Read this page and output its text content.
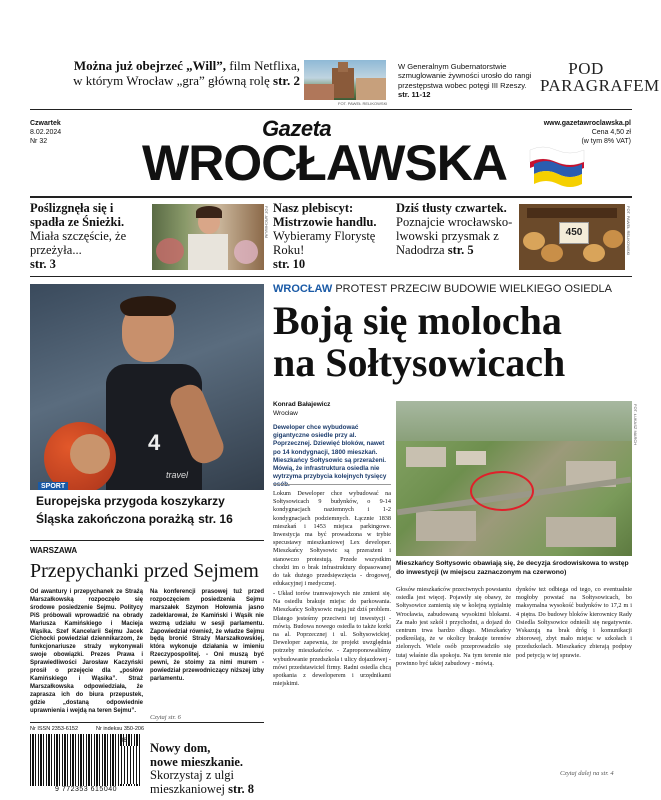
Można już obejrzeć „Will”, film Netflixa,
w którym Wrocław „gra” główną rolę str. 2
FOT. PAWEŁ RELIKOWSKI
W Generalnym Gubernatorstwie szmuglowanie żywności urosło do rangi przestępstwa wobec potęgi III Rzeszy. str. 11-12
POD
PARAGRAFEM
Czwartek
8.02.2024
Nr 32
Gazeta
WROCŁAWSKA
www.gazetawroclawska.pl
Cena 4,50 zł
(w tym 8% VAT)
Poślizgnęła się i spadła ze Śnieżki.
Miała szczęście, że przeżyła...
str. 3
FOT. ARCHIWUM Nasz plebiscyt: Mistrzowie handlu.
Wybieramy Florystę Roku!
str. 10
Dziś tłusty czwartek. Poznajcie wrocławsko-lwowski przysmak z Nadodrza str. 5
450	FOT. PAWEŁ RELIKOWSKI
4
travel
SPORT
Europejska przygoda koszykarzy Śląska zakończona porażką str. 16
WROCŁAW PROTEST PRZECIW BUDOWIE WIELKIEGO OSIEDLA
Boją się molocha
na Sołtysowicach
Konrad Bałajewicz
Wrocław
Deweloper chce wybudować gigantyczne osiedle przy al. Poprzecznej. Dziewięć bloków, nawet po 14 kondygnacji, 1800 mieszkań. Mieszkańcy Sołtysowic są przerażeni. Mówią, że infrastruktura osiedla nie wytrzyma przybycia kolejnych tysięcy
FOT. ŁUKASZ MARCH
Mieszkańcy Sołtysowic obawiają się, że decyzja środowiskowa to wstęp do inwestycji (w miejscu zaznaczonym na czerwono)
Lokum Deweloper chce wybudować na Sołtysowicach 9 budynków, o 9-14 kondygnacjach naziemnych i 1-2 kondygnacjach podziemnych. Łącznie 1838 mieszkań i 1453 miejsca parkingowe. Inwestycja ma być prowadzona w trybie specustawy mieszkaniowej Lex developer. Mieszkańcy Sołtysowic są przerażeni i stanowczo protestują. Przede wszystkim chodzi im o brak infrastruktury dopasowanej do tak dużego przedsięwzięcia - drogowej, edukacyjnej i medycznej.
- Układ torów tramwajowych nie zmieni się. Na osiedlu brakuje miejsc do parkowania. Mieszkańcy Sołtysowic mają już dziś problem. Dlatego jesteśmy przeciwni tej inwestycji - mówią. Budowa nowego osiedla to także korki na al. Poprzecznej i ul. Sołtysowickiej. Deweloper zapewnia, że projekt uwzględnia potrzeby mieszkańców. - Zaproponowaliśmy wybudowanie przedszkola i ulicy dojazdowej - mówi przedstawiciel firmy. Radni osiedla chcą spotkania z deweloperem i urzędnikami miejskimi.
Głosów mieszkańców przeciwnych powstaniu osiedla jest więcej. Pojawiły się obawy, że Sołtysowice zamienią się w kolejną sypialnię Wrocławia, zabudowaną wysokimi blokami. Za mało jest szkół i przychodni, a dojazd do centrum trwa bardzo długo. Mieszkańcy podkreślają, że w okolicy brakuje terenów zielonych. Wiele osób przeprowadziło się tutaj właśnie dla spokoju. Na tym terenie nie powinno być takiej zabudowy - mówią.
dynków też odbiega od tego, co eventualnie mogłoby powstać na Sołtysowicach, bo maksymalna wysokość budynków to 17,2 m i 4 piętra. Do budowy bloków kierownicy Rady Osiedla Sołtysowice odnieśli się negatywnie. Wskazują na brak dróg i komunikacji zbiorowej, zbyt mało miejsc w szkołach i przedszkolach. Mieszkańcy zbierają podpisy pod petycją w tej sprawie.
Czytaj dalej na str. 4
WARSZAWA
Przepychanki przed Sejmem
Od awantury i przepychanek ze Strażą Marszałkowską rozpoczęło się środowe posiedzenie Sejmu. Politycy PiS próbowali wprowadzić na obrady Mariusza Kamińskiego i Macieja Wąsika. Szef Kancelarii Sejmu Jacek Cichocki powiedział dziennikarzom, że funkcjonariusze straży wykonywali swoje obowiązki. Prezes Prawa i Sprawiedliwości Jarosław Kaczyński prosił o przejęcie dla „posłów Kamińskiego i Wąsika”. Straż Marszałkowska odpowiedziała, że zaprasza ich do biura przepustek, gdzie „dostaną odpowiednie uprawnienia i wejdą na teren Sejmu”.
Na konferencji prasowej tuż przed rozpoczęciem posiedzenia Sejmu marszałek Szymon Hołownia jasno zadeklarował, że Kamiński i Wąsik nie wezmą udziału w sesji parlamentu. Zapowiedział również, że władze Sejmu będą bronić Straży Marszałkowskiej, która wykonuje działania w imieniu Rzeczypospolitej. - Oni muszą być pewni, że stoimy za nimi murem - powiedział przewodniczący niższej izby parlamentu.
Czytaj str. 6
Nr ISSN 2353-6152	Nr indeksu 350-206
9 772353 615040
06 Nowy dom,
nowe mieszkanie.
Skorzystaj z ulgi
mieszkaniowej str. 8
